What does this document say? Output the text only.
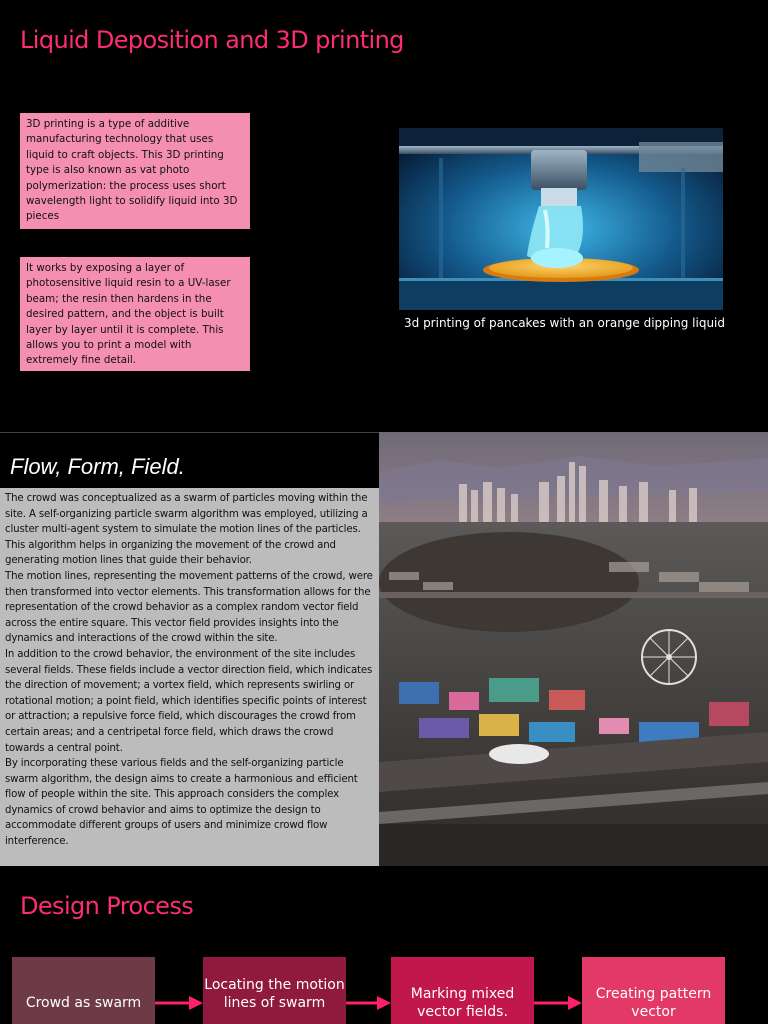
Liquid Deposition and 3D printing
3D printing is a type of additive manufacturing technology that uses liquid to craft objects. This 3D printing type is also known as vat photo polymerization: the process uses short wavelength light to solidify liquid into 3D pieces
It works by exposing a layer of photosensitive liquid resin to a UV-laser beam; the resin then hardens in the desired pattern, and the object is built layer by layer until it is complete. This allows you to print a model with extremely fine detail.
3d printing of pancakes with an orange dipping liquid
Flow, Form, Field.

The crowd was conceptualized as a swarm of particles moving within the site. A self-organizing particle swarm algorithm was employed, utilizing a cluster multi-agent system to simulate the motion lines of the particles. This algorithm helps in organizing the movement of the crowd and generating motion lines that guide their behavior.

The motion lines, representing the movement patterns of the crowd, were then transformed into vector elements. This transformation allows for the representation of the crowd behavior as a complex random vector field across the entire square. This vector field provides insights into the dynamics and interactions of the crowd within the site.

In addition to the crowd behavior, the environment of the site includes several fields. These fields include a vector direction field, which indicates the direction of movement; a vortex field, which represents swirling or rotational motion; a point field, which identifies specific points of interest or attraction; a repulsive force field, which discourages the crowd from certain areas; and a centripetal force field, which draws the crowd towards a central point.

By incorporating these various fields and the self-organizing particle swarm algorithm, the design aims to create a harmonious and efficient flow of people within the site. This approach considers the complex dynamics of crowd behavior and aims to optimize the design to accommodate different groups of users and minimize crowd flow interference.

Design Process
Crowd as swarm
Locating the motion lines of swarm
Marking mixed vector fields.
Creating pattern vector
